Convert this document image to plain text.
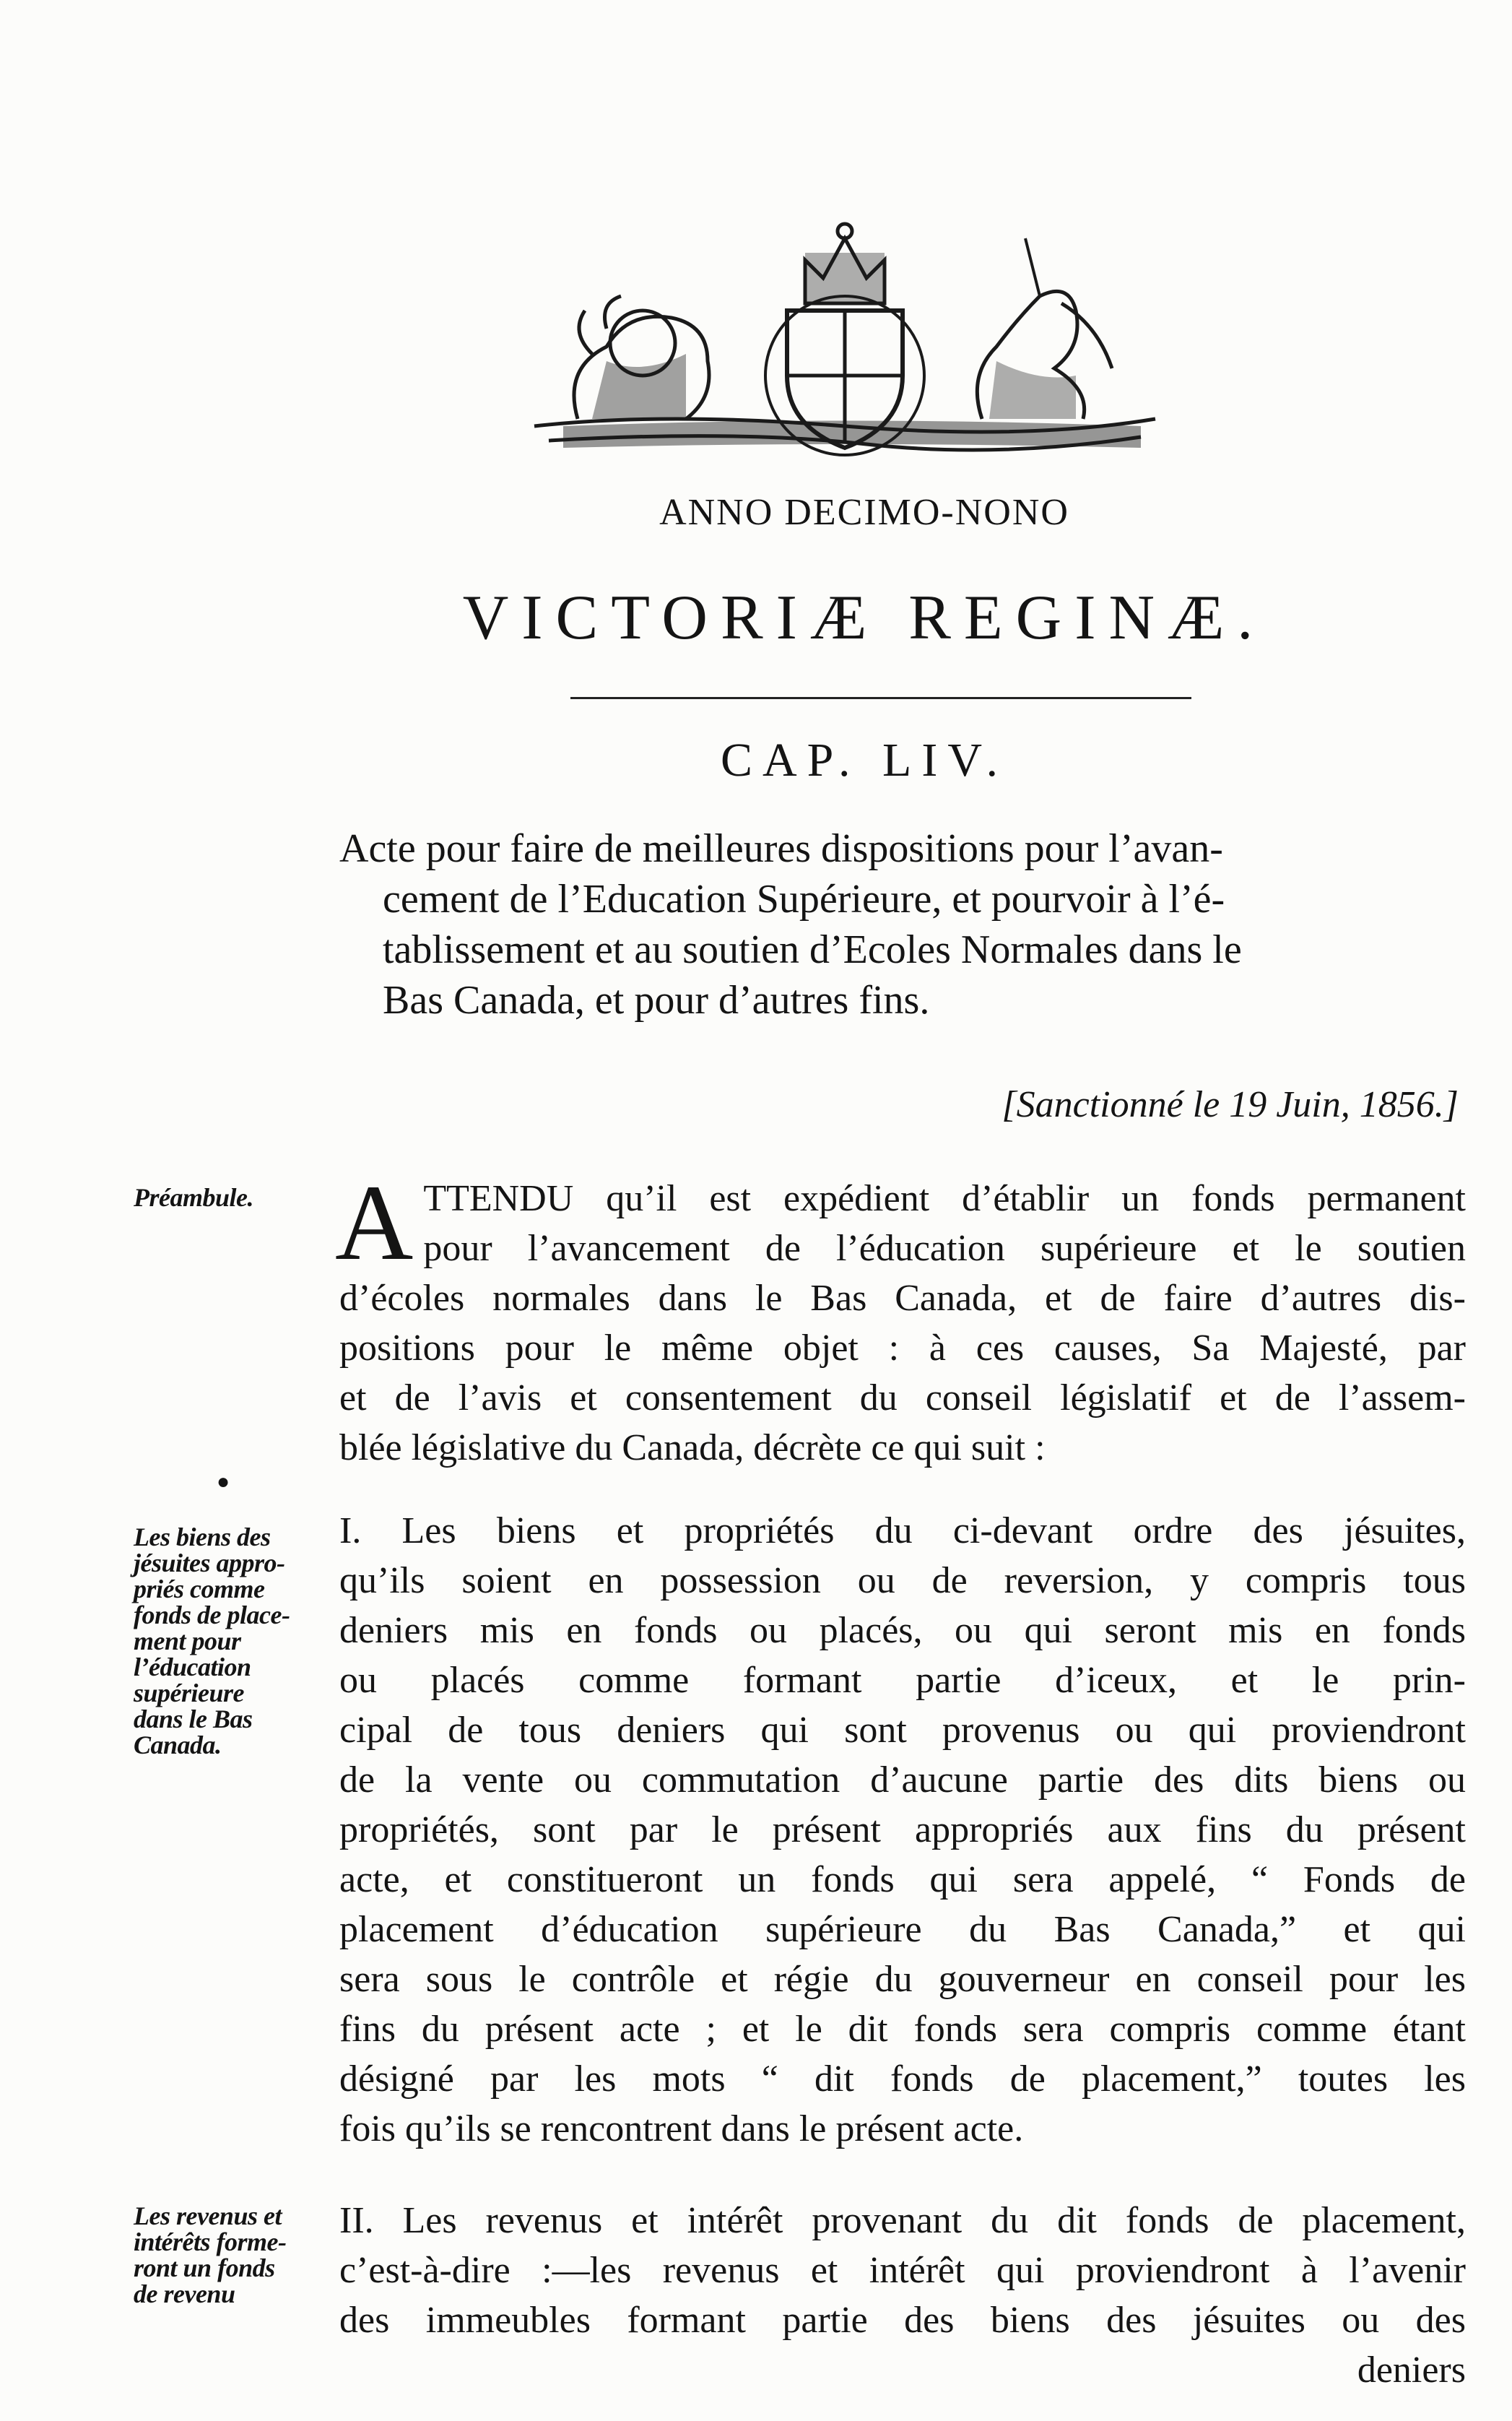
ANNO DECIMO-NONO
VICTORIÆ REGINÆ.
CAP. LIV.
Acte pour faire de meilleures dispositions pour l’avan-
cement de l’Education Supérieure, et pourvoir à l’é-
tablissement et au soutien d’Ecoles Normales dans le
Bas Canada, et pour d’autres fins.
[Sanctionné le 19 Juin, 1856.]
Préambule. A TTENDU qu’il est expédient d’établir un fonds permanent
pour l’avancement de l’éducation supérieure et le soutien
d’écoles normales dans le Bas Canada, et de faire d’autres dis-
positions pour le même objet : à ces causes, Sa Majesté, par
et de l’avis et consentement du conseil législatif et de l’assem-
blée législative du Canada, décrète ce qui suit :
●
Les biens des
jésuites appro-
priés comme
fonds de place-
ment pour
l’éducation
supérieure
dans le Bas
Canada.
I. Les biens et propriétés du ci-devant ordre des jésuites,
qu’ils soient en possession ou de reversion, y compris tous
deniers mis en fonds ou placés, ou qui seront mis en fonds
ou placés comme formant partie d’iceux, et le prin-
cipal de tous deniers qui sont provenus ou qui proviendront
de la vente ou commutation d’aucune partie des dits biens ou
propriétés, sont par le présent appropriés aux fins du présent
acte, et constitueront un fonds qui sera appelé, “ Fonds de
placement d’éducation supérieure du Bas Canada,” et qui
sera sous le contrôle et régie du gouverneur en conseil pour les
fins du présent acte ; et le dit fonds sera compris comme étant
désigné par les mots “ dit fonds de placement,” toutes les
fois qu’ils se rencontrent dans le présent acte.
Les revenus et
intérêts forme-
ront un fonds
de revenu
II. Les revenus et intérêt provenant du dit fonds de placement,
c’est-à-dire :—les revenus et intérêt qui proviendront à l’avenir
des immeubles formant partie des biens des jésuites ou des
deniers
